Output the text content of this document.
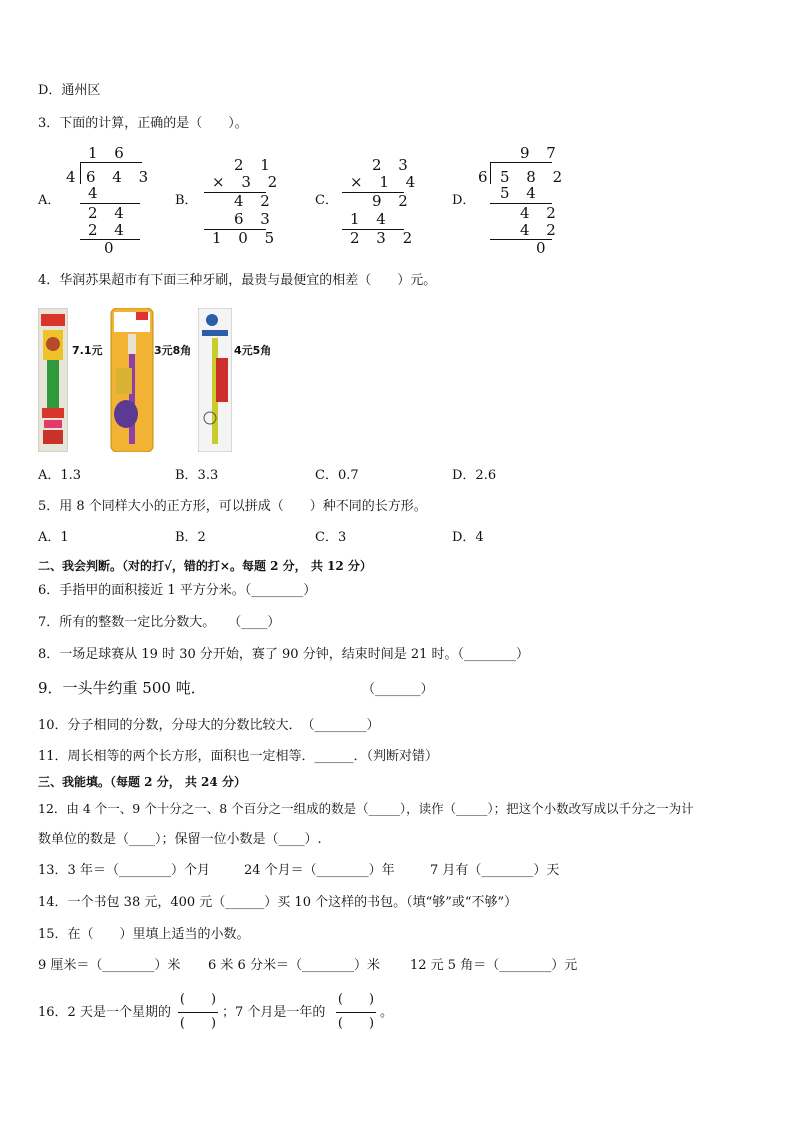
D．通州区
3．下面的计算，正确的是（　　）。
A．	B．	C．	D．
1 6
4 6 4 3
4
2 4
2 4
0
2 1
× 3 2
4 2
6 3
1 0 5
2 3
× 1 4
9 2
1 4
2 3 2
9 7
6 5 8 2
5 4
4 2
4 2
0
4．华润苏果超市有下面三种牙刷，最贵与最便宜的相差（　　）元。
7.1元	3元8角	4元5角
A．1.3	B．3.3	C．0.7	D．2.6
5．用 8 个同样大小的正方形，可以拼成（　　）种不同的长方形。
A．1	B．2	C．3	D．4
二、我会判断。（对的打√，错的打×。每题 2 分， 共 12 分）
6．手指甲的面积接近 1 平方分米。（________）
7．所有的整数一定比分数大。　　（____）
8．一场足球赛从 19 时 30 分开始，赛了 90 分钟，结束时间是 21 时。（________）
9．一头牛约重 500 吨．	（_______）
10．分子相同的分数，分母大的分数比较大．　（________）
11．周长相等的两个长方形，面积也一定相等．______．（判断对错）
三、我能填。（每题 2 分， 共 24 分）
12．由 4 个一、9 个十分之一、8 个百分之一组成的数是（_____），读作（_____）；把这个小数改写成以千分之一为计
数单位的数是（____）；保留一位小数是（____）.
13．3 年＝（________）个月	24 个月＝（________）年	7 月有（________）天
14．一个书包 38 元，400 元（______）买 10 个这样的书包。（填“够”或“不够”）
15．在（　　）里填上适当的小数。
9 厘米＝（________）米 6 米 6 分米＝（________）米 12 元 5 角＝（________）元
16．2 天是一个星期的
(　　)
(　　)
；7 个月是一年的
(　　)
(　　)
。
